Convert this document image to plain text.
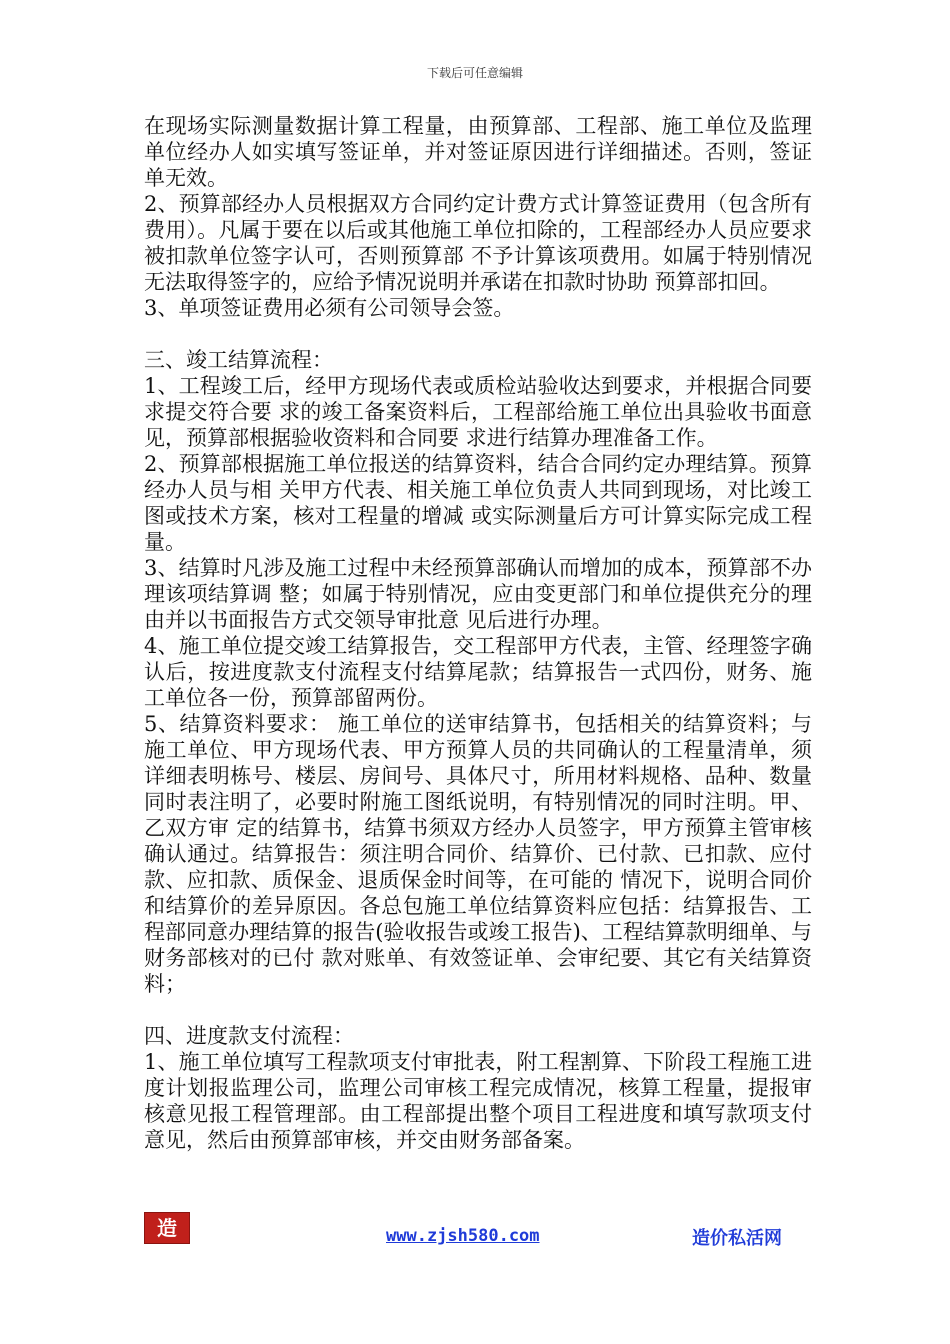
下载后可任意编辑

在现场实际测量数据计算工程量，由预算部、工程部、施工单位及监理单位经办人如实填写签证单，并对签证原因进行详细描述。否则，签证单无效。

2、预算部经办人员根据双方合同约定计费方式计算签证费用（包含所有费用）。凡属于要在以后或其他施工单位扣除的，工程部经办人员应要求被扣款单位签字认可，否则预算部 不予计算该项费用。如属于特别情况无法取得签字的，应给予情况说明并承诺在扣款时协助 预算部扣回。

3、单项签证费用必须有公司领导会签。

三、竣工结算流程：

1、工程竣工后，经甲方现场代表或质检站验收达到要求，并根据合同要求提交符合要 求的竣工备案资料后，工程部给施工单位出具验收书面意见，预算部根据验收资料和合同要 求进行结算办理准备工作。

2、预算部根据施工单位报送的结算资料，结合合同约定办理结算。预算经办人员与相 关甲方代表、相关施工单位负责人共同到现场，对比竣工图或技术方案，核对工程量的增减 或实际测量后方可计算实际完成工程量。

3、结算时凡涉及施工过程中未经预算部确认而增加的成本，预算部不办理该项结算调 整；如属于特别情况，应由变更部门和单位提供充分的理由并以书面报告方式交领导审批意 见后进行办理。

4、施工单位提交竣工结算报告，交工程部甲方代表，主管、经理签字确认后，按进度款支付流程支付结算尾款；结算报告一式四份，财务、施工单位各一份，预算部留两份。

5、结算资料要求： 施工单位的送审结算书，包括相关的结算资料；与施工单位、甲方现场代表、甲方预算人员的共同确认的工程量清单，须详细表明栋号、楼层、房间号、具体尺寸，所用材料规格、品种、数量同时表注明了，必要时附施工图纸说明，有特别情况的同时注明。甲、乙双方审 定的结算书，结算书须双方经办人员签字，甲方预算主管审核确认通过。结算报告：须注明合同价、结算价、已付款、已扣款、应付款、应扣款、质保金、退质保金时间等，在可能的 情况下，说明合同价和结算价的差异原因。各总包施工单位结算资料应包括：结算报告、工 程部同意办理结算的报告(验收报告或竣工报告)、工程结算款明细单、与财务部核对的已付 款对账单、有效签证单、会审纪要、其它有关结算资料；

四、进度款支付流程：

1、施工单位填写工程款项支付审批表，附工程割算、下阶段工程施工进度计划报监理公司，监理公司审核工程完成情况，核算工程量，提报审核意见报工程管理部。由工程部提出整个项目工程进度和填写款项支付意见，然后由预算部审核，并交由财务部备案。

造	www.zjsh580.com	造价私活网
